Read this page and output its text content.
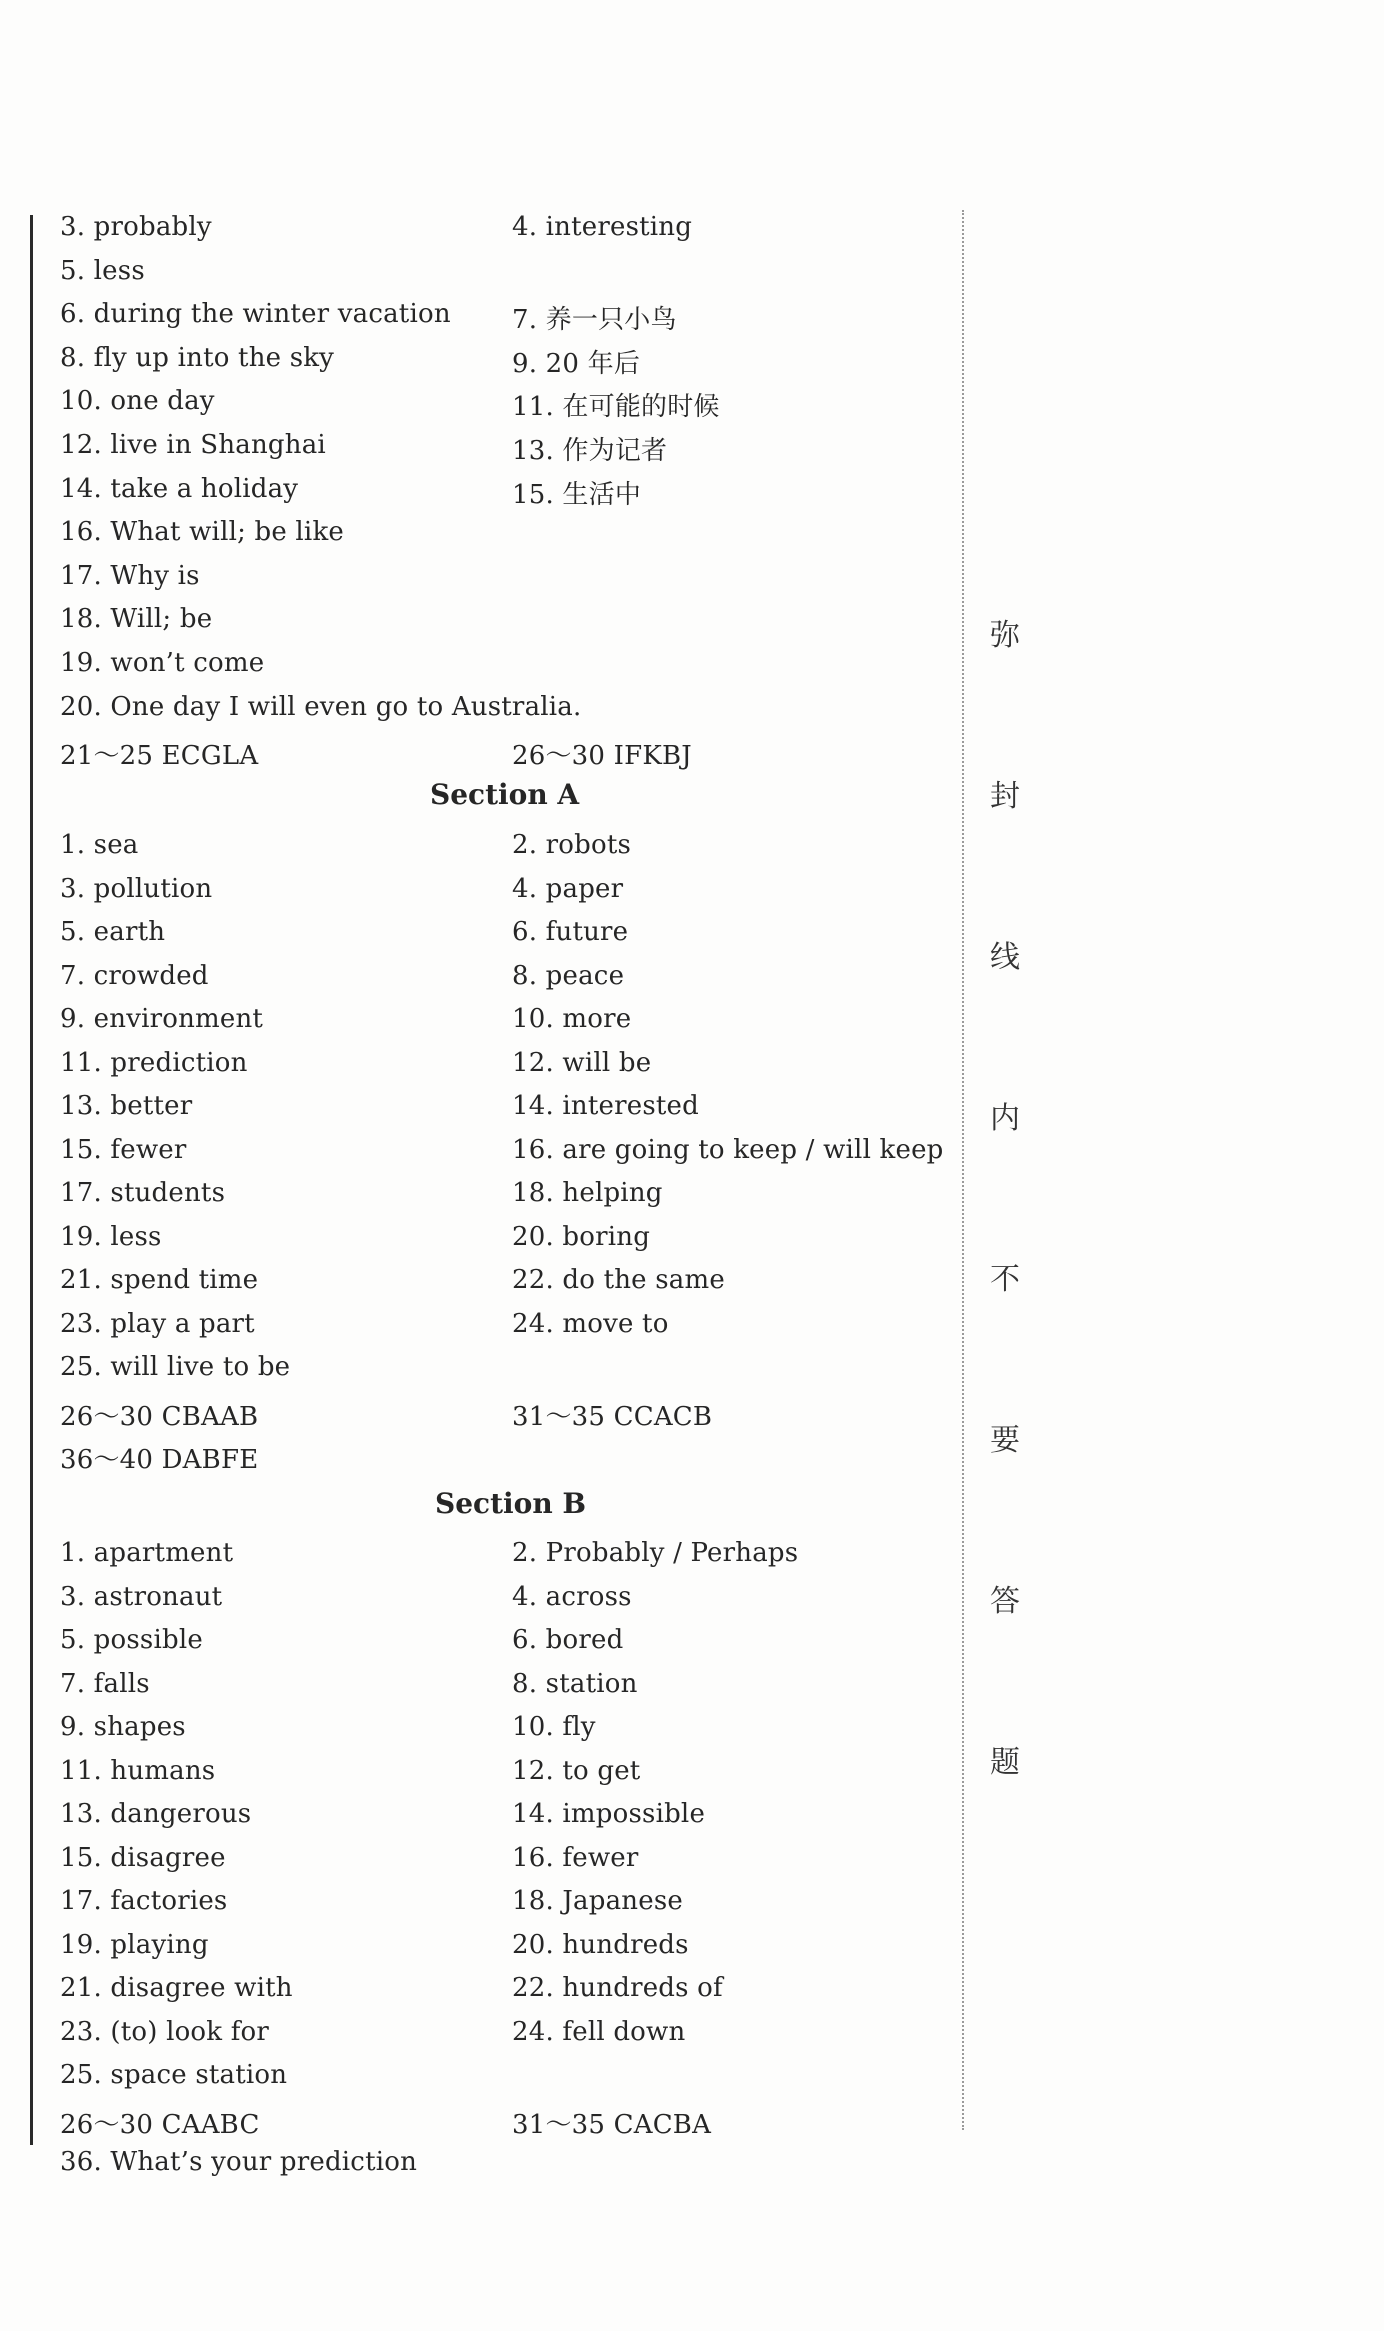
弥
封
线
内
不
要
答
题
3. probably	4. interesting
5. less
6. during the winter vacation 7. 养一只小鸟
8. fly up into the sky	9. 20 年后
10. one day	11. 在可能的时候
12. live in Shanghai	13. 作为记者
14. take a holiday	15. 生活中
16. What will; be like
17. Why is
18. Will; be
19. won’t come
20. One day I will even go to Australia.
21～25 ECGLA	26～30 IFKBJ
Section A
1. sea	2. robots
3. pollution	4. paper
5. earth	6. future
7. crowded	8. peace
9. environment	10. more
11. prediction	12. will be
13. better	14. interested
15. fewer	16. are going to keep / will keep
17. students	18. helping
19. less	20. boring
21. spend time	22. do the same
23. play a part	24. move to
25. will live to be
26～30 CBAAB	31～35 CCACB
36～40 DABFE
Section B
1. apartment	2. Probably / Perhaps
3. astronaut	4. across
5. possible	6. bored
7. falls	8. station
9. shapes	10. fly
11. humans	12. to get
13. dangerous	14. impossible
15. disagree	16. fewer
17. factories	18. Japanese
19. playing	20. hundreds
21. disagree with	22. hundreds of
23. (to) look for	24. fell down
25. space station
26～30 CAABC	31～35 CACBA
36. What’s your prediction
